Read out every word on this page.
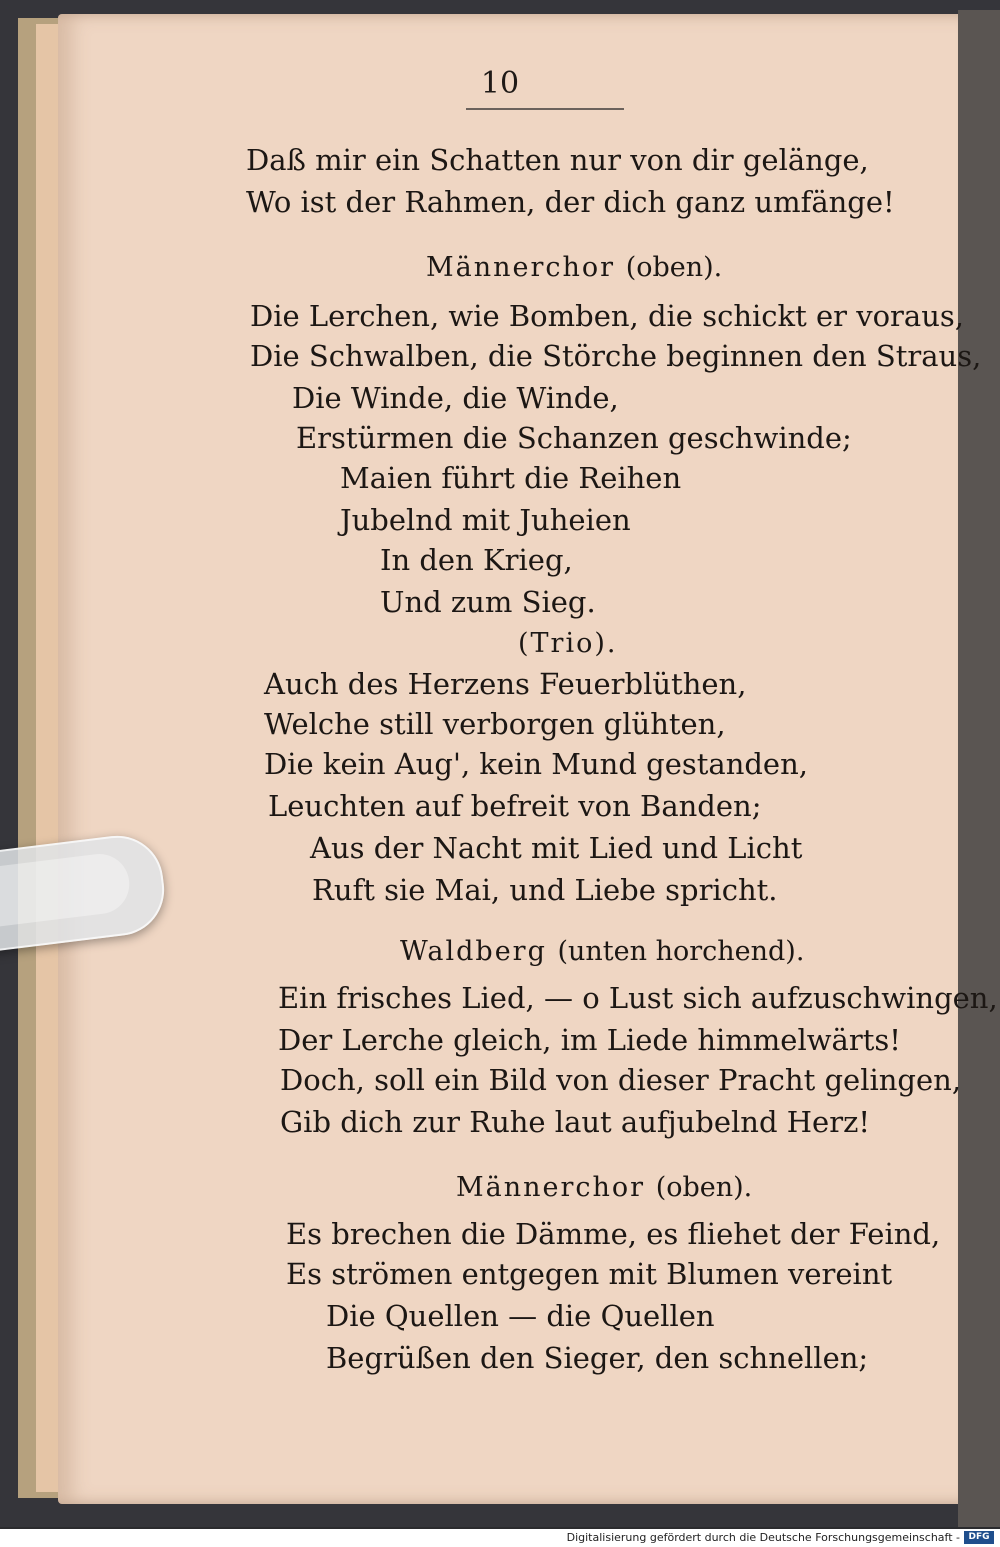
10
Daß mir ein Schatten nur von dir gelänge,
Wo ist der Rahmen, der dich ganz umfänge!
Männerchor (oben).
Die Lerchen, wie Bomben, die schickt er voraus,
Die Schwalben, die Störche beginnen den Straus,
Die Winde, die Winde,
Erstürmen die Schanzen geschwinde;
Maien führt die Reihen
Jubelnd mit Juheien
In den Krieg,
Und zum Sieg.
(Trio).
Auch des Herzens Feuerblüthen,
Welche still verborgen glühten,
Die kein Aug', kein Mund gestanden,
Leuchten auf befreit von Banden;
Aus der Nacht mit Lied und Licht
Ruft sie Mai, und Liebe spricht.
Waldberg (unten horchend).
Ein frisches Lied, — o Lust sich aufzuschwingen,
Der Lerche gleich, im Liede himmelwärts!
Doch, soll ein Bild von dieser Pracht gelingen,
Gib dich zur Ruhe laut aufjubelnd Herz!
Männerchor (oben).
Es brechen die Dämme, es fliehet der Feind,
Es strömen entgegen mit Blumen vereint
Die Quellen — die Quellen
Begrüßen den Sieger, den schnellen;
Digitalisierung gefördert durch die Deutsche Forschungsgemeinschaft - DFG
